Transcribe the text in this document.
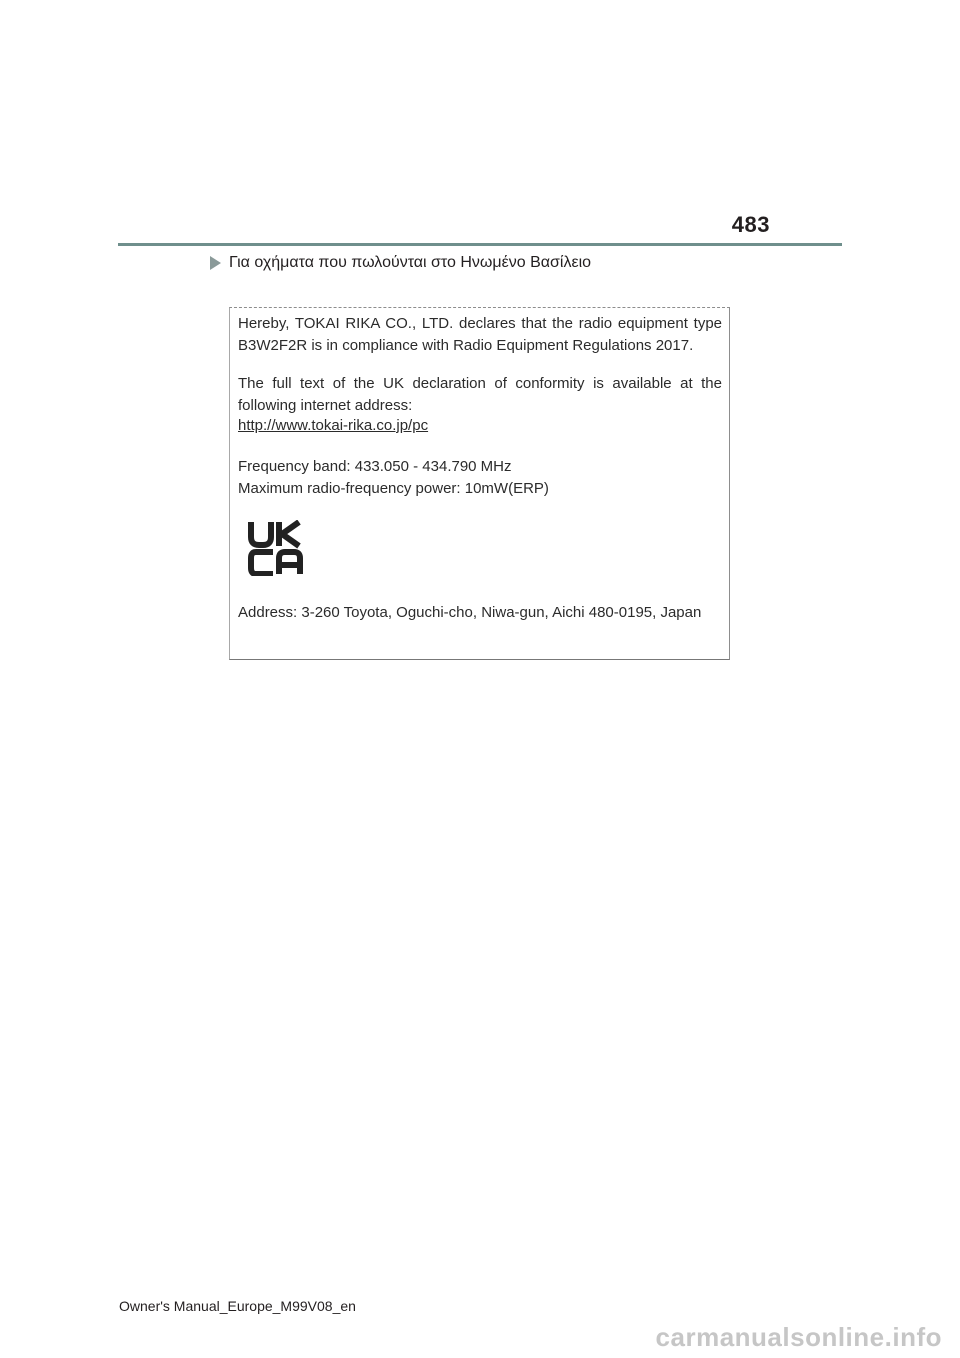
483
Για οχήματα που πωλούνται στο Ηνωμένο Βασίλειο
Hereby, TOKAI RIKA CO., LTD. declares that the radio equipment type
B3W2F2R is in compliance with Radio Equipment Regulations 2017.
The full text of the UK declaration of conformity is available at the
following internet address:
http://www.tokai-rika.co.jp/pc
Frequency band: 433.050 - 434.790 MHz
Maximum radio-frequency power: 10mW(ERP)
Address: 3-260 Toyota, Oguchi-cho, Niwa-gun, Aichi 480-0195, Japan
Owner's Manual_Europe_M99V08_en
carmanualsonline.info
